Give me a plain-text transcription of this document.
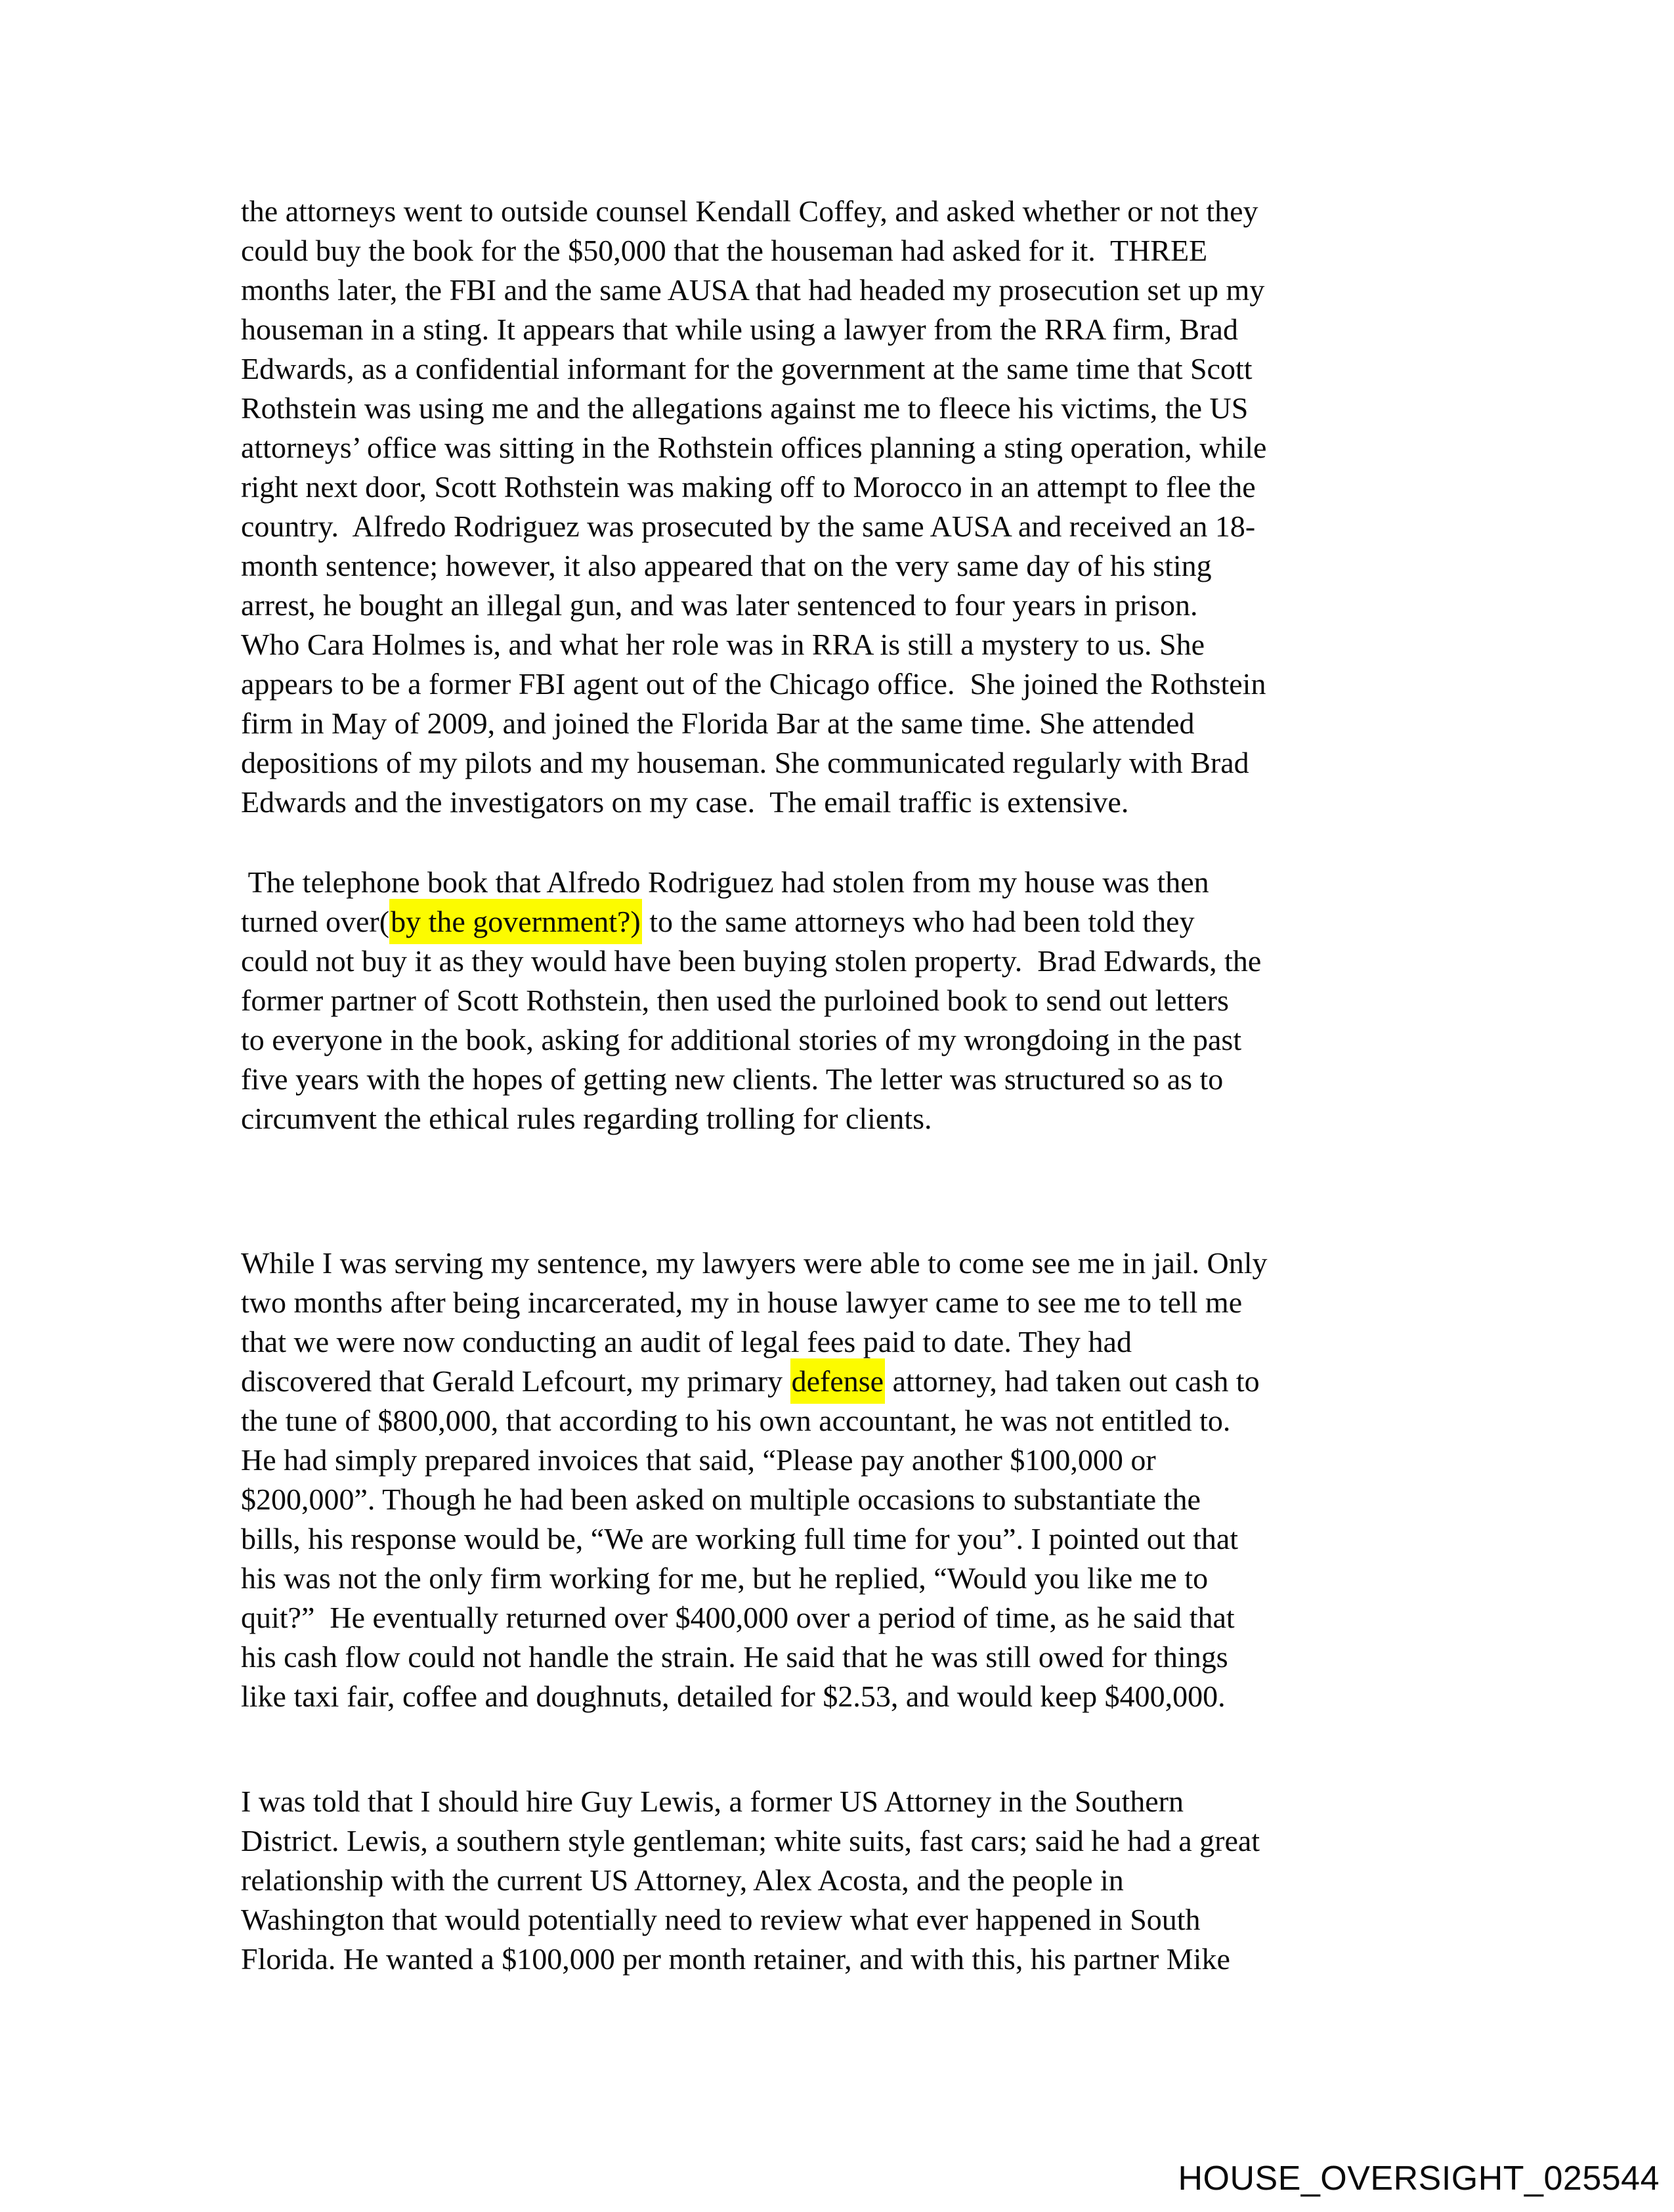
the attorneys went to outside counsel Kendall Coffey, and asked whether or not they
could buy the book for the $50,000 that the houseman had asked for it.  THREE
months later, the FBI and the same AUSA that had headed my prosecution set up my
houseman in a sting. It appears that while using a lawyer from the RRA firm, Brad
Edwards, as a confidential informant for the government at the same time that Scott
Rothstein was using me and the allegations against me to fleece his victims, the US
attorneys’ office was sitting in the Rothstein offices planning a sting operation, while
right next door, Scott Rothstein was making off to Morocco in an attempt to flee the
country.  Alfredo Rodriguez was prosecuted by the same AUSA and received an 18-
month sentence; however, it also appeared that on the very same day of his sting
arrest, he bought an illegal gun, and was later sentenced to four years in prison.
Who Cara Holmes is, and what her role was in RRA is still a mystery to us. She
appears to be a former FBI agent out of the Chicago office.  She joined the Rothstein
firm in May of 2009, and joined the Florida Bar at the same time. She attended
depositions of my pilots and my houseman. She communicated regularly with Brad
Edwards and the investigators on my case.  The email traffic is extensive.
The telephone book that Alfredo Rodriguez had stolen from my house was then
turned over(by the government?) to the same attorneys who had been told they
could not buy it as they would have been buying stolen property.  Brad Edwards, the
former partner of Scott Rothstein, then used the purloined book to send out letters
to everyone in the book, asking for additional stories of my wrongdoing in the past
five years with the hopes of getting new clients. The letter was structured so as to
circumvent the ethical rules regarding trolling for clients.
While I was serving my sentence, my lawyers were able to come see me in jail. Only
two months after being incarcerated, my in house lawyer came to see me to tell me
that we were now conducting an audit of legal fees paid to date. They had
discovered that Gerald Lefcourt, my primary defense attorney, had taken out cash to
the tune of $800,000, that according to his own accountant, he was not entitled to.
He had simply prepared invoices that said, “Please pay another $100,000 or
$200,000”. Though he had been asked on multiple occasions to substantiate the
bills, his response would be, “We are working full time for you”. I pointed out that
his was not the only firm working for me, but he replied, “Would you like me to
quit?”  He eventually returned over $400,000 over a period of time, as he said that
his cash flow could not handle the strain. He said that he was still owed for things
like taxi fair, coffee and doughnuts, detailed for $2.53, and would keep $400,000.
I was told that I should hire Guy Lewis, a former US Attorney in the Southern
District. Lewis, a southern style gentleman; white suits, fast cars; said he had a great
relationship with the current US Attorney, Alex Acosta, and the people in
Washington that would potentially need to review what ever happened in South
Florida. He wanted a $100,000 per month retainer, and with this, his partner Mike
HOUSE_OVERSIGHT_025544
